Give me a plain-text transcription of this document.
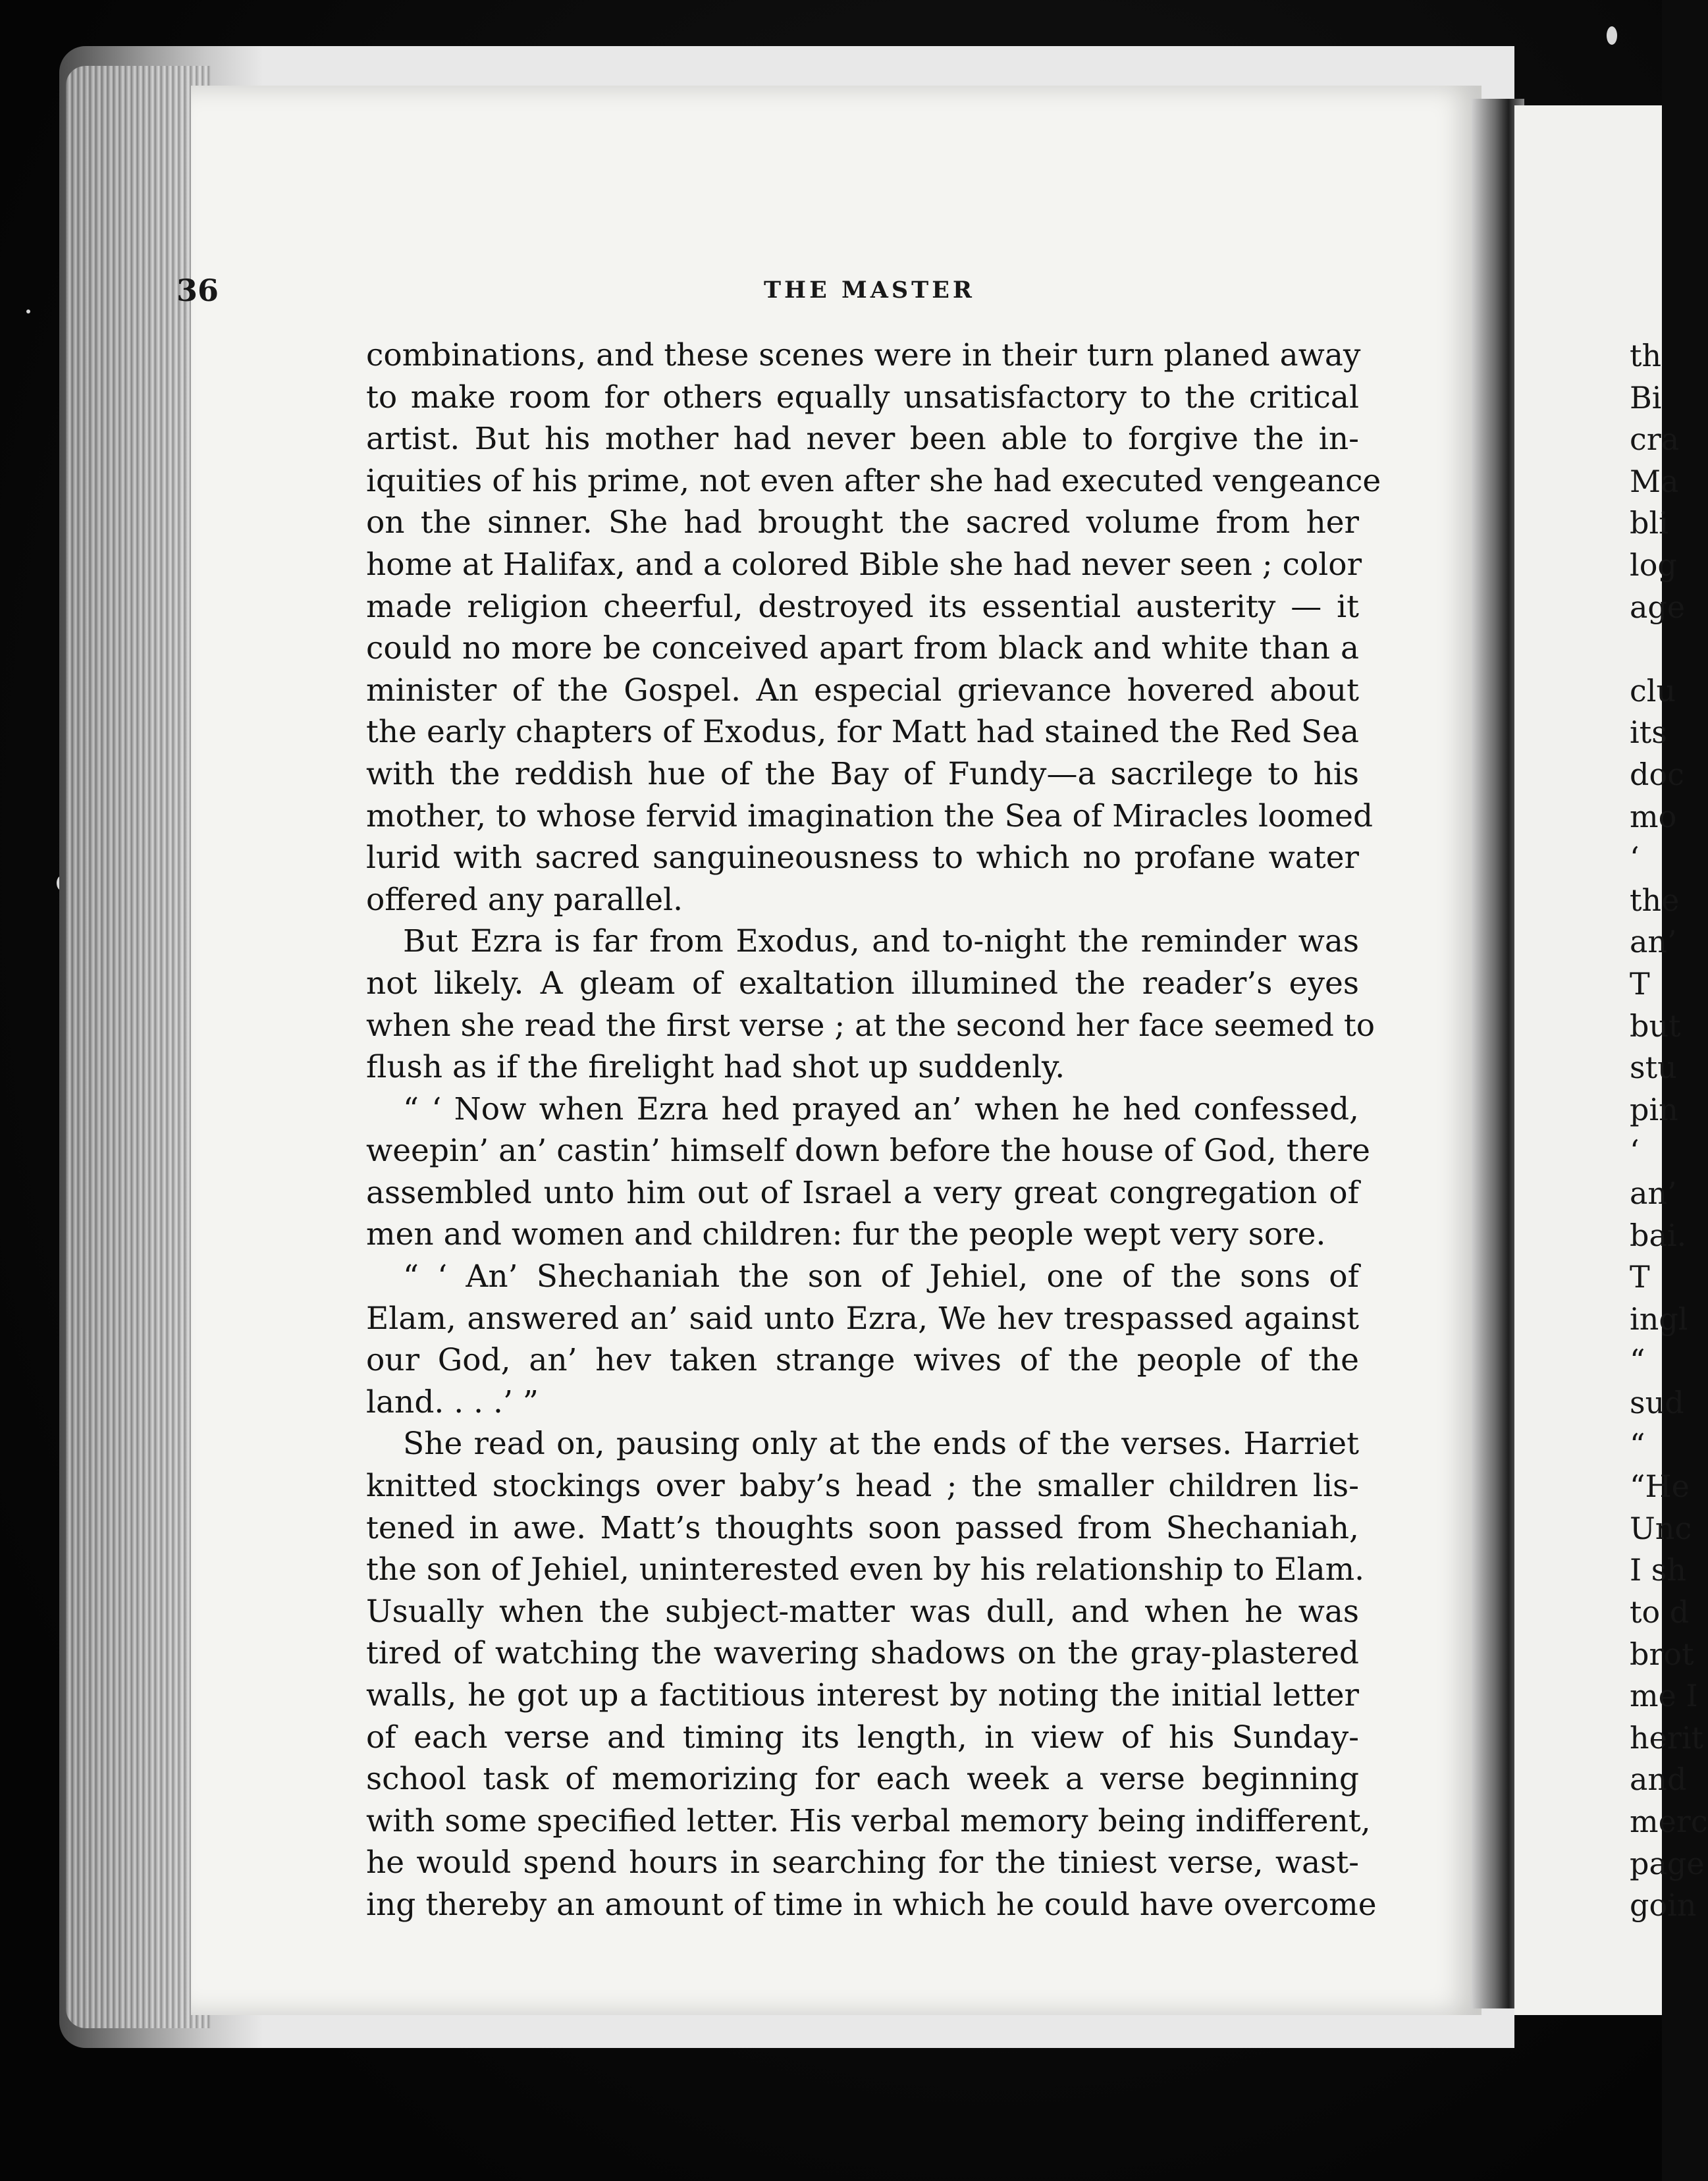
th
Bi
cra
Ma
bli
log
age
clu
its
doc
mo
‘
the
an’
T
but
stu
pin
‘
an’
bai.
T
ingl
“
sud
“
“He
Unc
I sh
to d
brot
me I
herit
and
merc
page
goin
36	THE MASTER
combinations, and these scenes were in their turn planed away
to make room for others equally unsatisfactory to the critical
artist. But his mother had never been able to forgive the in-
iquities of his prime, not even after she had executed vengeance
on the sinner. She had brought the sacred volume from her
home at Halifax, and a colored Bible she had never seen ; color
made religion cheerful, destroyed its essential austerity — it
could no more be conceived apart from black and white than a
minister of the Gospel. An especial grievance hovered about
the early chapters of Exodus, for Matt had stained the Red Sea
with the reddish hue of the Bay of Fundy—a sacrilege to his
mother, to whose fervid imagination the Sea of Miracles loomed
lurid with sacred sanguineousness to which no profane water
offered any parallel.
But Ezra is far from Exodus, and to-night the reminder was
not likely. A gleam of exaltation illumined the reader’s eyes
when she read the first verse ; at the second her face seemed to
flush as if the firelight had shot up suddenly.
“ ‘ Now when Ezra hed prayed an’ when he hed confessed,
weepin’ an’ castin’ himself down before the house of God, there
assembled unto him out of Israel a very great congregation of
men and women and children: fur the people wept very sore.
“ ‘ An’ Shechaniah the son of Jehiel, one of the sons of
Elam, answered an’ said unto Ezra, We hev trespassed against
our God, an’ hev taken strange wives of the people of the
land. . . .’ ”
She read on, pausing only at the ends of the verses. Harriet
knitted stockings over baby’s head ; the smaller children lis-
tened in awe. Matt’s thoughts soon passed from Shechaniah,
the son of Jehiel, uninterested even by his relationship to Elam.
Usually when the subject-matter was dull, and when he was
tired of watching the wavering shadows on the gray-plastered
walls, he got up a factitious interest by noting the initial letter
of each verse and timing its length, in view of his Sunday-
school task of memorizing for each week a verse beginning
with some specified letter. His verbal memory being indifferent,
he would spend hours in searching for the tiniest verse, wast-
ing thereby an amount of time in which he could have overcome
